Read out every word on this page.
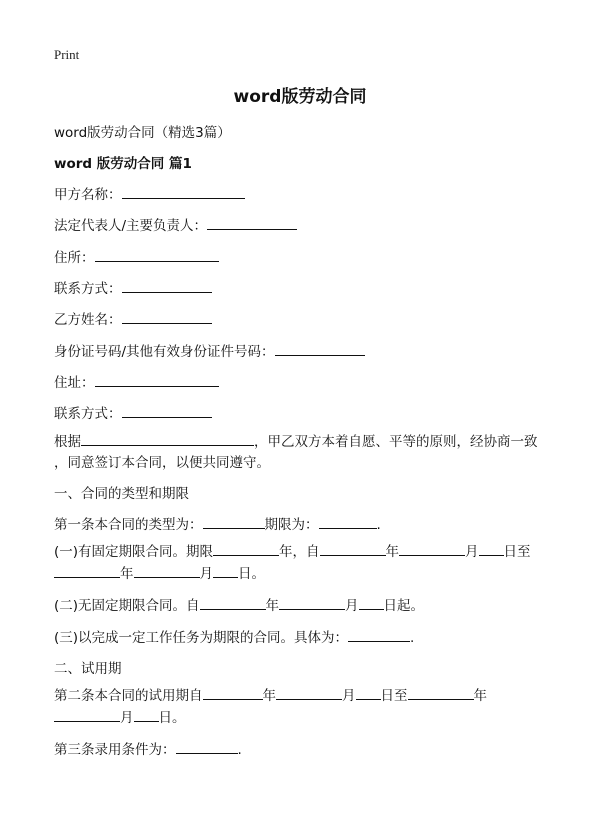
Print
word版劳动合同
word版劳动合同（精选3篇）
word 版劳动合同 篇1
甲方名称：
法定代表人/主要负责人：
住所：
联系方式：
乙方姓名：
身份证号码/其他有效身份证件号码：
住址：
联系方式：
根据	，甲乙双方本着自愿、平等的原则，经协商一致
，同意签订本合同，以便共同遵守。
一、合同的类型和期限
第一条本合同的类型为：	期限为：	.
(一)有固定期限合同。期限	年，自	年	月 日至
年	月 日。
(二)无固定期限合同。自	年	月 日起。
(三)以完成一定工作任务为期限的合同。具体为：	.
二、试用期
第二条本合同的试用期自	年	月 日至	年
月 日。
第三条录用条件为：	.
